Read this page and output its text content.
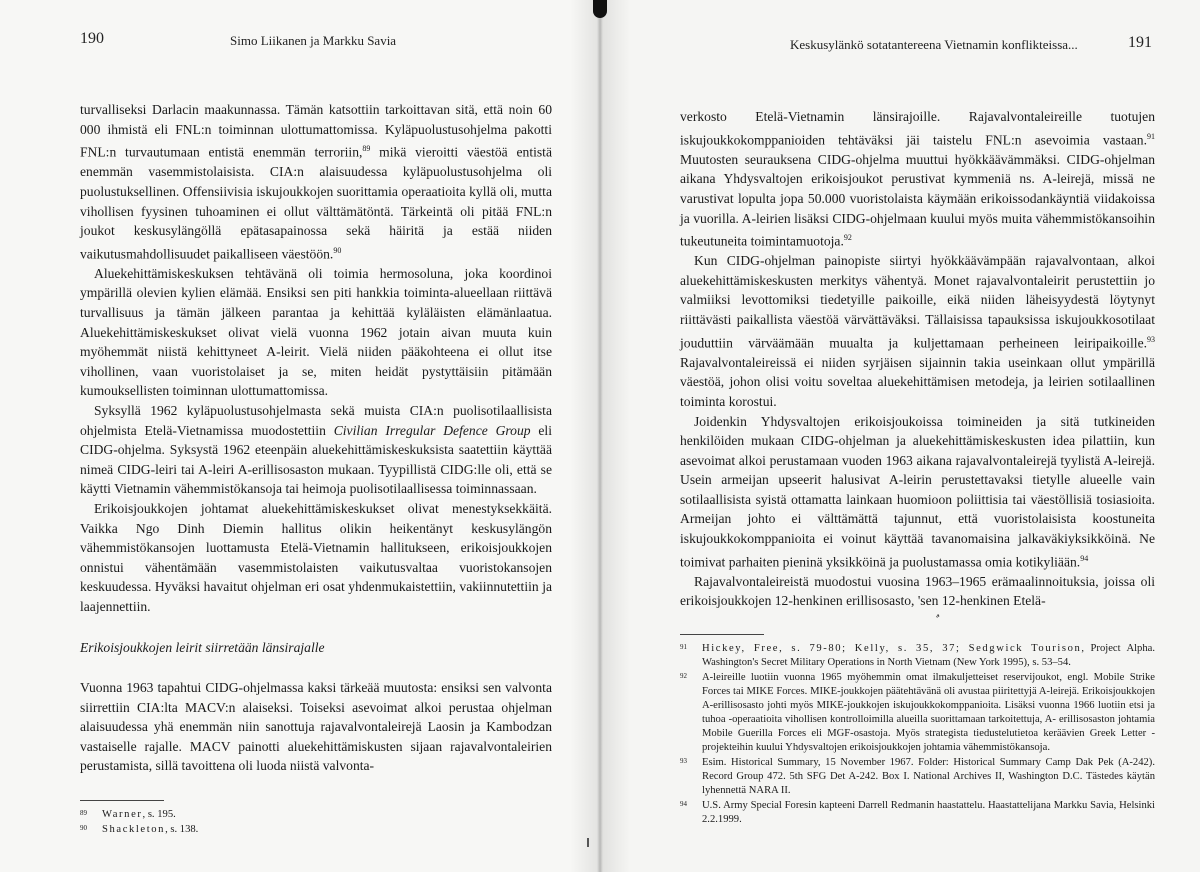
190	Simo Liikanen ja Markku Savia

turvalliseksi Darlacin maakunnassa. Tämän katsottiin tarkoittavan sitä, että noin 60 000 ihmistä eli FNL:n toiminnan ulottumattomissa. Kyläpuolustusohjelma pakotti FNL:n turvautumaan entistä enemmän terroriin,$^{89}$ mikä vieroitti väestöä entistä enemmän vasemmistolaisista. CIA:n alaisuudessa kyläpuolustusohjelma oli puolustuksellinen. Offensiivisia iskujoukkojen suorittamia operaatioita kyllä oli, mutta vihollisen fyysinen tuhoaminen ei ollut välttämätöntä. Tärkeintä oli pitää FNL:n joukot keskusylängöllä epätasapainossa sekä häiritä ja estää niiden vaikutusmahdollisuudet paikalliseen väestöön.$^{90}$

Aluekehittämiskeskuksen tehtävänä oli toimia hermosoluna, joka koordinoi ympärillä olevien kylien elämää. Ensiksi sen piti hankkia toiminta-alueellaan riittävä turvallisuus ja tämän jälkeen parantaa ja kehittää kyläläisten elämänlaatua. Aluekehittämiskeskukset olivat vielä vuonna 1962 jotain aivan muuta kuin myöhemmät niistä kehittyneet A-leirit. Vielä niiden pääkohteena ei ollut itse vihollinen, vaan vuoristolaiset ja se, miten heidät pystyttäisiin pitämään kumouksellisten toiminnan ulottumattomissa.

Syksyllä 1962 kyläpuolustusohjelmasta sekä muista CIA:n puolisotilaallisista ohjelmista Etelä-Vietnamissa muodostettiin Civilian Irregular Defence Group eli CIDG-ohjelma. Syksystä 1962 eteenpäin aluekehittämiskeskuksista saatettiin käyttää nimeä CIDG-leiri tai A-leiri A-erillisosaston mukaan. Tyypillistä CIDG:lle oli, että se käytti Vietnamin vähemmistökansoja tai heimoja puolisotilaallisessa toiminnassaan.

Erikoisjoukkojen johtamat aluekehittämiskeskukset olivat menestyksekkäitä. Vaikka Ngo Dinh Diemin hallitus olikin heikentänyt keskusylängön vähemmistökansojen luottamusta Etelä-Vietnamin hallitukseen, erikoisjoukkojen onnistui vähentämään vasemmistolaisten vaikutusvaltaa vuoristokansojen keskuudessa. Hyväksi havaitut ohjelman eri osat yhdenmukaistettiin, vakiinnutettiin ja laajennettiin.

Erikoisjoukkojen leirit siirretään länsirajalle

Vuonna 1963 tapahtui CIDG-ohjelmassa kaksi tärkeää muutosta: ensiksi sen valvonta siirrettiin CIA:lta MACV:n alaiseksi. Toiseksi asevoimat alkoi perustaa ohjelman alaisuudessa yhä enemmän niin sanottuja rajavalvontaleirejä Laosin ja Kambodzan vastaiselle rajalle. MACV painotti aluekehittämiskusten sijaan rajavalvontaleirien perustamista, sillä tavoittena oli luoda niistä valvonta-

89	Warner, s. 195.
90	Shackleton, s. 138.
Keskusylänkö sotatantereena Vietnamin konflikteissa...	191

verkosto Etelä-Vietnamin länsirajoille. Rajavalvontaleireille tuotujen iskujoukkokomppanioiden tehtäväksi jäi taistelu FNL:n asevoimia vastaan.$^{91}$ Muutosten seurauksena CIDG-ohjelma muuttui hyökkäävämmäksi. CIDG-ohjelman aikana Yhdysvaltojen erikoisjoukot perustivat kymmeniä ns. A-leirejä, missä ne varustivat lopulta jopa 50.000 vuoristolaista käymään erikoissodankäyntiä viidakoissa ja vuorilla. A-leirien lisäksi CIDG-ohjelmaan kuului myös muita vähemmistökansoihin tukeutuneita toimintamuotoja.$^{92}$

Kun CIDG-ohjelman painopiste siirtyi hyökkäävämpään rajavalvontaan, alkoi aluekehittämiskeskusten merkitys vähentyä. Monet rajavalvontaleirit perustettiin jo valmiiksi levottomiksi tiedetyille paikoille, eikä niiden läheisyydestä löytynyt riittävästi paikallista väestöä värvättäväksi. Tällaisissa tapauksissa iskujoukkosotilaat jouduttiin värväämään muualta ja kuljettamaan perheineen leiripaikoille.$^{93}$ Rajavalvontaleireissä ei niiden syrjäisen sijainnin takia useinkaan ollut ympärillä väestöä, johon olisi voitu soveltaa aluekehittämisen metodeja, ja leirien sotilaallinen toiminta korostui.

Joidenkin Yhdysvaltojen erikoisjoukoissa toimineiden ja sitä tutkineiden henkilöiden mukaan CIDG-ohjelman ja aluekehittämiskeskusten idea pilattiin, kun asevoimat alkoi perustamaan vuoden 1963 aikana rajavalvontaleirejä tyylistä A-leirejä. Usein armeijan upseerit halusivat A-leirin perustettavaksi tietylle alueelle vain sotilaallisista syistä ottamatta lainkaan huomioon poliittisia tai väestöllisiä tosiasioita. Armeijan johto ei välttämättä tajunnut, että vuoristolaisista koostuneita iskujoukkokomppanioita ei voinut käyttää tavanomaisina jalkaväkiyksikköinä. Ne toimivat parhaiten pieninä yksikköinä ja puolustamassa omia kotikyliään.$^{94}$

Rajavalvontaleireistä muodostui vuosina 1963–1965 erämaalinnoituksia, joissa oli erikoisjoukkojen 12-henkinen erillisosasto, 'sen 12-henkinen Etelä-

91	Hickey, Free, s. 79-80; Kelly, s. 35, 37; Sedgwick Tourison, Project Alpha. Washington's Secret Military Operations in North Vietnam (New York 1995), s. 53–54.
92	A-leireille luotiin vuonna 1965 myöhemmin omat ilmakuljetteiset reservijoukot, engl. Mobile Strike Forces tai MIKE Forces. MIKE-joukkojen päätehtävänä oli avustaa piiritettyjä A-leirejä. Erikoisjoukkojen A-erillisosasto johti myös MIKE-joukkojen iskujoukkokomppanioita. Lisäksi vuonna 1966 luotiin etsi ja tuhoa -operaatioita vihollisen kontrolloimilla alueilla suorittamaan tarkoitettuja, A- erillisosaston johtamia Mobile Guerilla Forces eli MGF-osastoja. Myös strategista tiedustelutietoa keräävien Greek Letter -projekteihin kuului Yhdysvaltojen erikoisjoukkojen johtamia vähemmistökansoja.
93	Esim. Historical Summary, 15 November 1967. Folder: Historical Summary Camp Dak Pek (A-242). Record Group 472. 5th SFG Det A-242. Box I. National Archives II, Washington D.C. Tästedes käytän lyhennettä NARA II.
94	U.S. Army Special Foresin kapteeni Darrell Redmanin haastattelu. Haastattelijana Markku Savia, Helsinki 2.2.1999.
